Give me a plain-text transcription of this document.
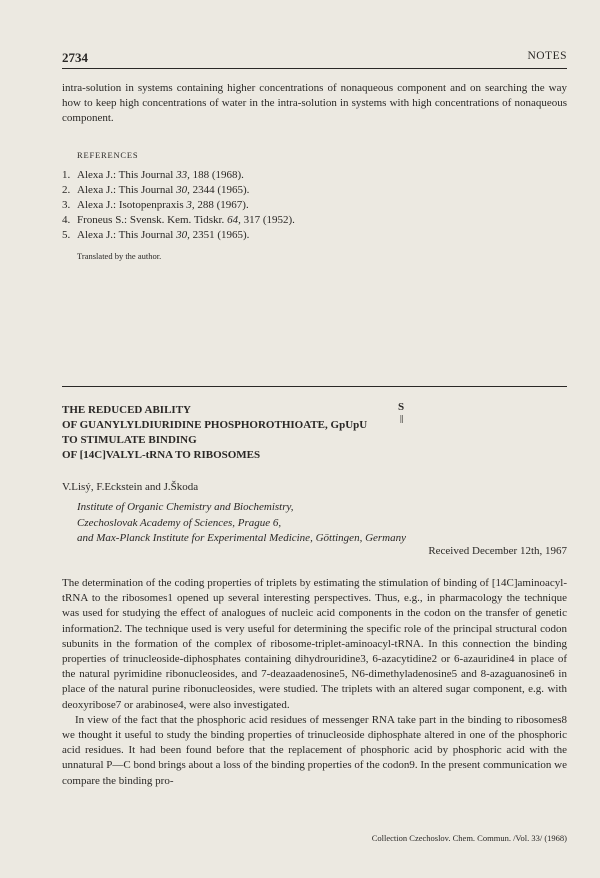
2734	NOTES

intra-solution in systems containing higher concentrations of nonaqueous component and on searching the way how to keep high concentrations of water in the intra-solution in systems with high concentrations of nonaqueous component.

REFERENCES
1. Alexa J.: This Journal 33, 188 (1968).
2. Alexa J.: This Journal 30, 2344 (1965).
3. Alexa J.: Isotopenpraxis 3, 288 (1967).
4. Froneus S.: Svensk. Kem. Tidskr. 64, 317 (1952).
5. Alexa J.: This Journal 30, 2351 (1965).
Translated by the author.
S
||
THE REDUCED ABILITY
OF GUANYLYLDIURIDINE PHOSPHOROTHIOATE, GpUpU
TO STIMULATE BINDING
OF [14C]VALYL-tRNA TO RIBOSOMES
V.Lisý, F.Eckstein and J.Škoda
Institute of Organic Chemistry and Biochemistry,
Czechoslovak Academy of Sciences, Prague 6,
and Max-Planck Institute for Experimental Medicine, Göttingen, Germany
Received December 12th, 1967

The determination of the coding properties of triplets by estimating the stimulation of binding of [14C]aminoacyl-tRNA to the ribosomes1 opened up several interesting perspectives. Thus, e.g., in pharmacology the technique was used for studying the effect of analogues of nucleic acid components in the codon on the transfer of genetic information2. The technique used is very useful for determining the specific role of the principal structural codon subunits in the formation of the complex of ribosome-triplet-aminoacyl-tRNA. In this connection the binding properties of trinucleoside-diphosphates containing dihydrouridine3, 6-azacytidine2 or 6-azauridine4 in place of the natural pyrimidine ribonucleosides, and 7-deazaadenosine5, N6-dimethyladenosine5 and 8-azaguanosine6 in place of the natural purine ribonucleosides, were studied. The triplets with an altered sugar component, e.g. with deoxyribose7 or arabinose4, were also investigated.

In view of the fact that the phosphoric acid residues of messenger RNA take part in the binding to ribosomes8 we thought it useful to study the binding properties of trinucleoside diphosphate altered in one of the phosphoric acid residues. It had been found before that the replacement of phosphoric acid by phosphoric acid with the unnatural P—C bond brings about a loss of the binding properties of the codon9. In the present communication we compare the binding pro-

Collection Czechoslov. Chem. Commun. /Vol. 33/ (1968)
